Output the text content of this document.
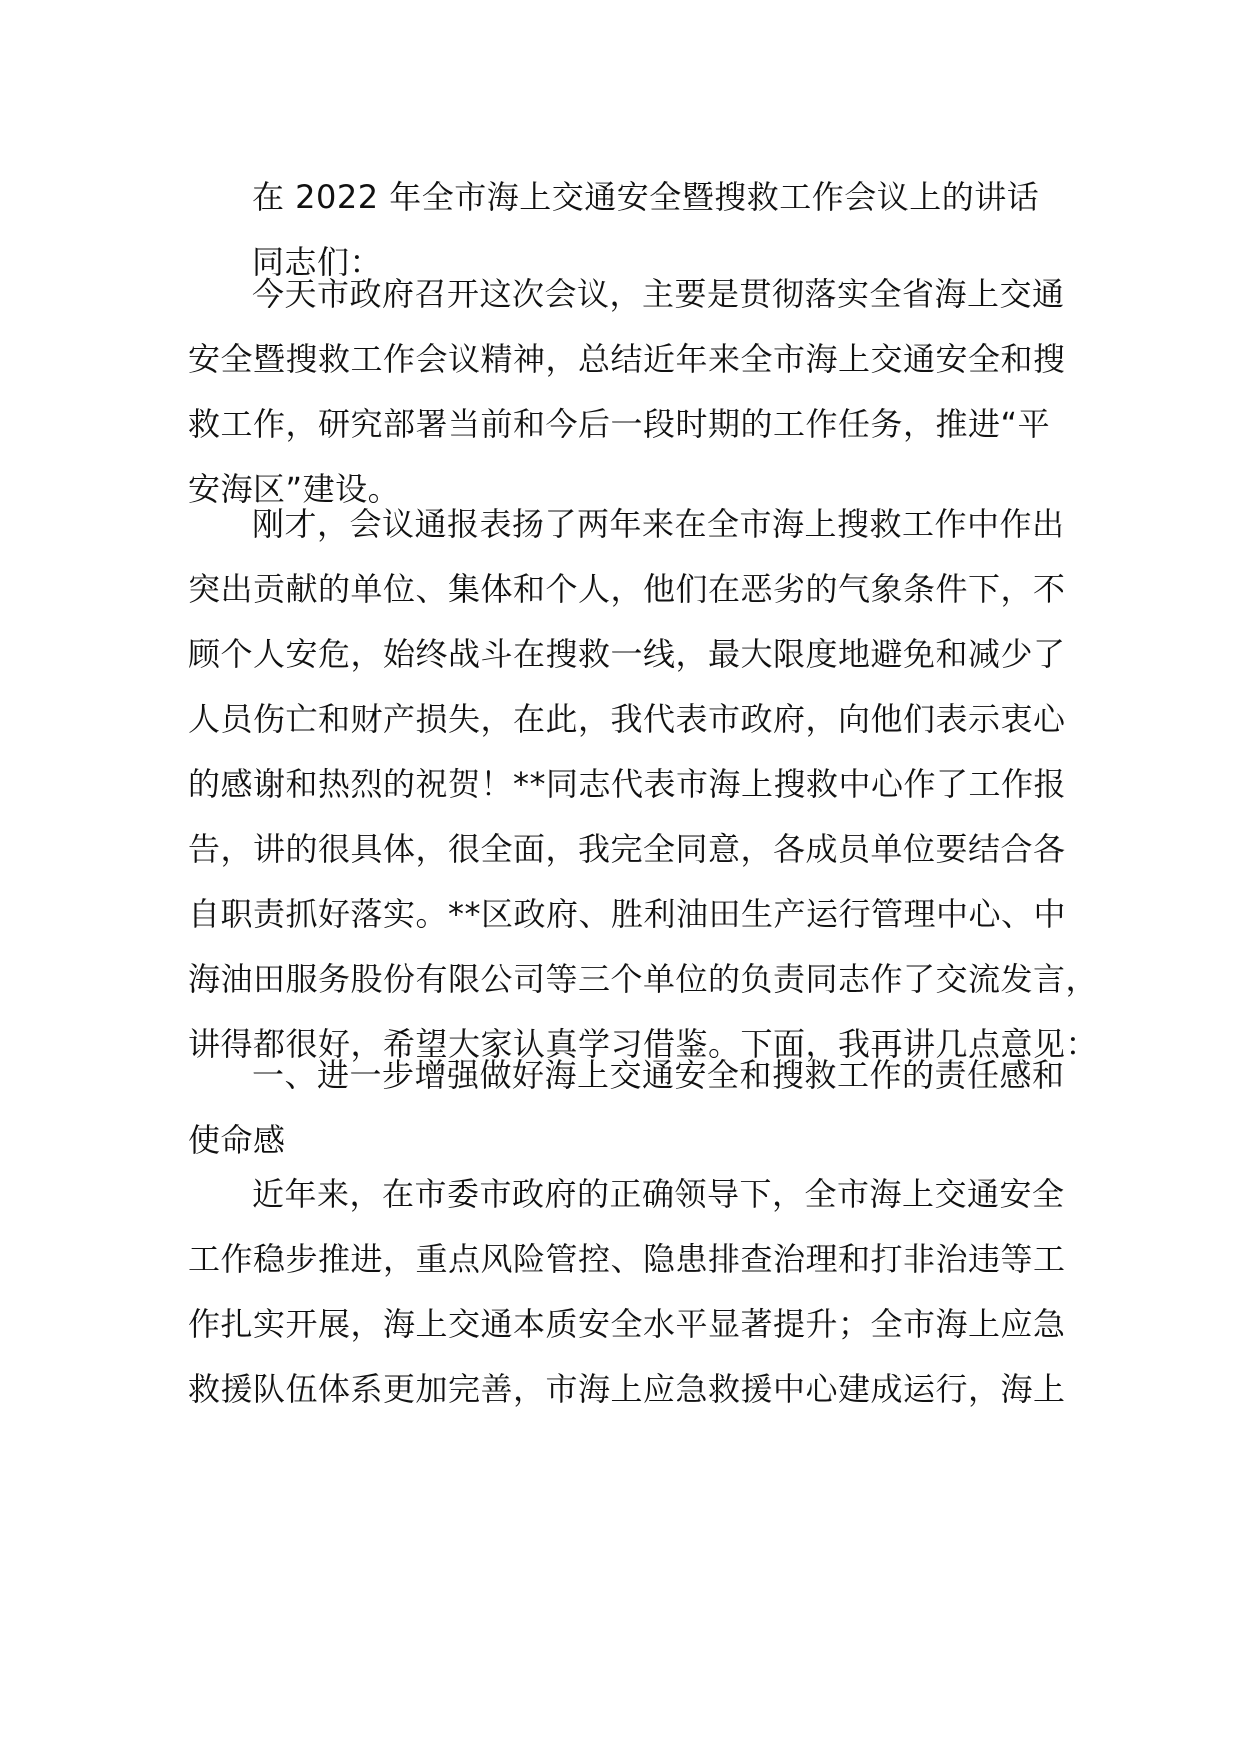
在 2022 年全市海上交通安全暨搜救工作会议上的讲话
同志们：
今天市政府召开这次会议，主要是贯彻落实全省海上交通
安全暨搜救工作会议精神，总结近年来全市海上交通安全和搜
救工作，研究部署当前和今后一段时期的工作任务，推进“平
安海区”建设。
刚才，会议通报表扬了两年来在全市海上搜救工作中作出
突出贡献的单位、集体和个人，他们在恶劣的气象条件下，不
顾个人安危，始终战斗在搜救一线，最大限度地避免和减少了
人员伤亡和财产损失，在此，我代表市政府，向他们表示衷心
的感谢和热烈的祝贺！**同志代表市海上搜救中心作了工作报
告，讲的很具体，很全面，我完全同意，各成员单位要结合各
自职责抓好落实。**区政府、胜利油田生产运行管理中心、中
海油田服务股份有限公司等三个单位的负责同志作了交流发言，
讲得都很好，希望大家认真学习借鉴。下面，我再讲几点意见：
一、进一步增强做好海上交通安全和搜救工作的责任感和
使命感
近年来，在市委市政府的正确领导下，全市海上交通安全
工作稳步推进，重点风险管控、隐患排查治理和打非治违等工
作扎实开展，海上交通本质安全水平显著提升；全市海上应急
救援队伍体系更加完善，市海上应急救援中心建成运行，海上
